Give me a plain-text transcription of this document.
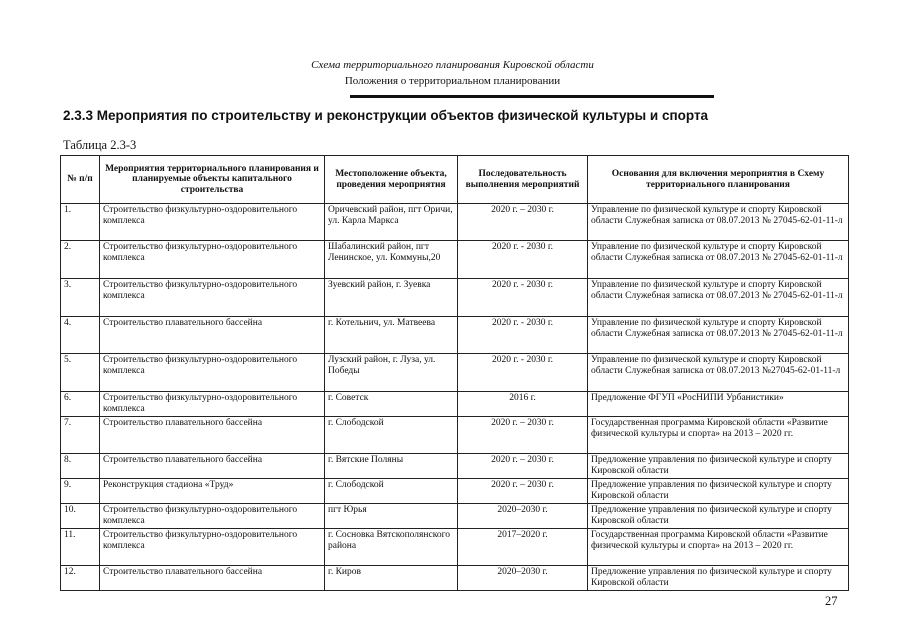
Схема территориального планирования Кировской области
Положения о территориальном планировании
2.3.3 Мероприятия по строительству и реконструкции объектов физической культуры и спорта
Таблица 2.3-3
№ п/п	Мероприятия территориального планирования и планируемые объекты капитального строительства	Местоположение объекта, проведения мероприятия	Последовательность выполнения мероприятий	Основания для включения мероприятия в Схему территориального планирования
1.	Строительство физкультурно-оздоровительного комплекса	Оричевский район, пгт Оричи, ул. Карла Маркса	2020 г. – 2030 г.	Управление по физической культуре и спорту Кировской области Служебная записка от 08.07.2013 № 27045-62-01-11-л
2.	Строительство физкультурно-оздоровительного комплекса	Шабалинский район, пгт Ленинское, ул. Коммуны,20	2020 г. - 2030 г.	Управление по физической культуре и спорту Кировской области Служебная записка от 08.07.2013 № 27045-62-01-11-л
3.	Строительство физкультурно-оздоровительного комплекса	Зуевский район, г. Зуевка	2020 г. - 2030 г.	Управление по физической культуре и спорту Кировской области Служебная записка от 08.07.2013 № 27045-62-01-11-л
4.	Строительство плавательного бассейна	г. Котельнич, ул. Матвеева	2020 г. - 2030 г.	Управление по физической культуре и спорту Кировской области Служебная записка от 08.07.2013 № 27045-62-01-11-л
5.	Строительство физкультурно-оздоровительного комплекса	Лузский район, г. Луза, ул. Победы	2020 г. - 2030 г.	Управление по физической культуре и спорту Кировской области Служебная записка от 08.07.2013 №27045-62-01-11-л
6.	Строительство физкультурно-оздоровительного комплекса	г. Советск	2016 г.	Предложение ФГУП «РосНИПИ Урбанистики»
7.	Строительство плавательного бассейна	г. Слободской	2020 г. – 2030 г.	Государственная программа Кировской области «Развитие физической культуры и спорта» на 2013 – 2020 гг.
8.	Строительство плавательного бассейна	г. Вятские Поляны	2020 г. – 2030 г.	Предложение управления по физической культуре и спорту Кировской области
9.	Реконструкция стадиона «Труд»	г. Слободской	2020 г. – 2030 г.	Предложение управления по физической культуре и спорту Кировской области
10.	Строительство физкультурно-оздоровительного комплекса	пгт Юрья	2020–2030 г.	Предложение управления по физической культуре и спорту Кировской области
11.	Строительство физкультурно-оздоровительного комплекса	г. Сосновка Вятскополянского района	2017–2020 г.	Государственная программа Кировской области «Развитие физической культуры и спорта» на 2013 – 2020 гг.
12.	Строительство плавательного бассейна	г. Киров	2020–2030 г.	Предложение управления по физической культуре и спорту Кировской области
27
